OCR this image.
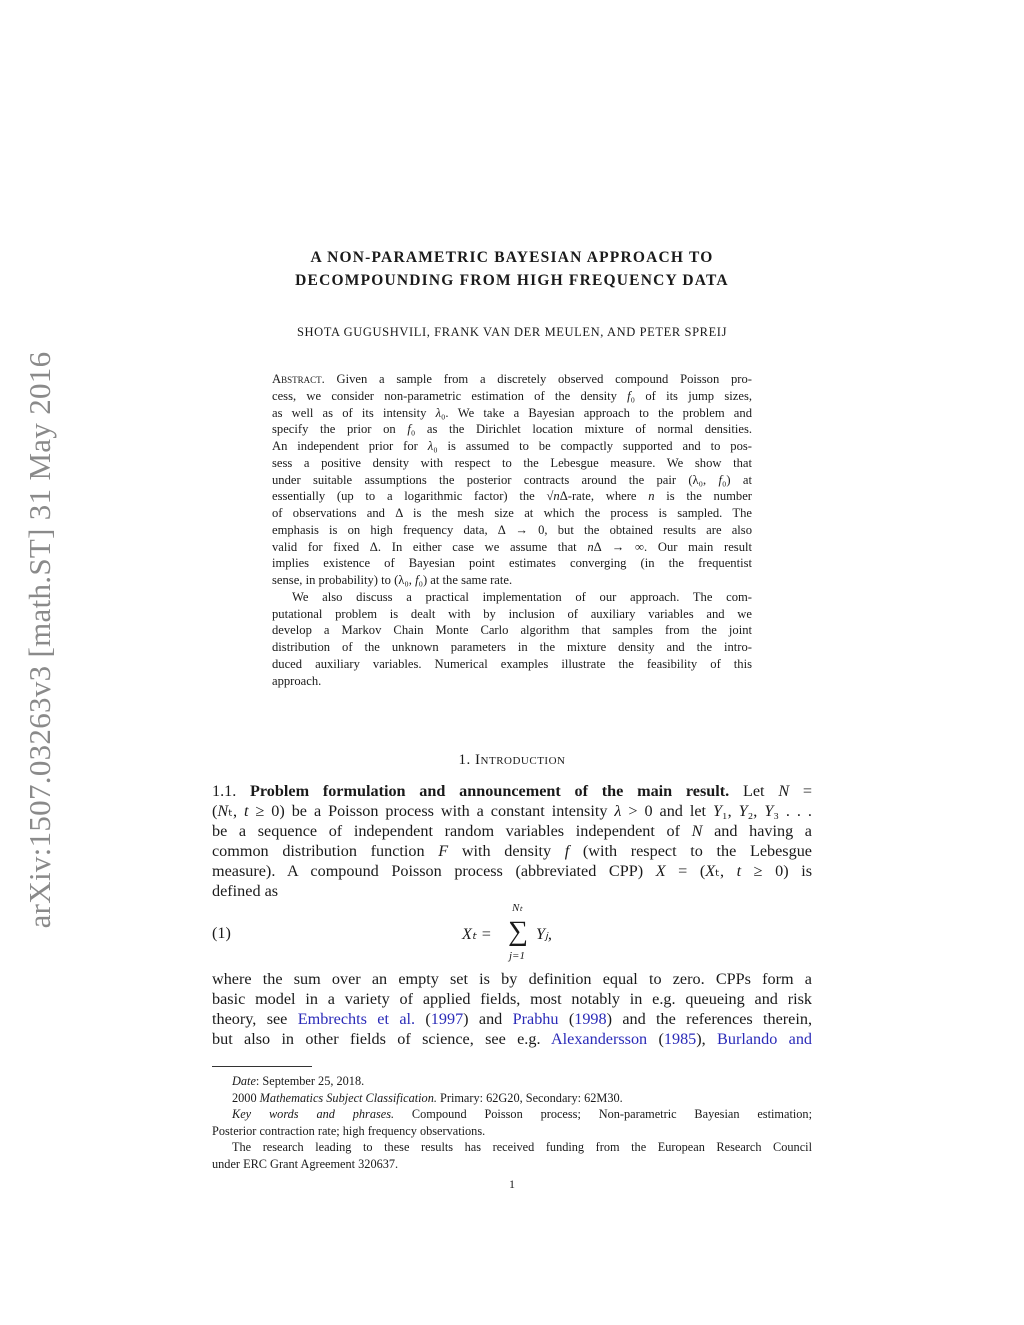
arXiv:1507.03263v3 [math.ST] 31 May 2016
A NON-PARAMETRIC BAYESIAN APPROACH TO
DECOMPOUNDING FROM HIGH FREQUENCY DATA
SHOTA GUGUSHVILI, FRANK VAN DER MEULEN, AND PETER SPREIJ
Abstract. Given a sample from a discretely observed compound Poisson pro-
cess, we consider non-parametric estimation of the density f₀ of its jump sizes,
as well as of its intensity λ₀. We take a Bayesian approach to the problem and
specify the prior on f₀ as the Dirichlet location mixture of normal densities.
An independent prior for λ₀ is assumed to be compactly supported and to pos-
sess a positive density with respect to the Lebesgue measure. We show that
under suitable assumptions the posterior contracts around the pair (λ₀, f₀) at
essentially (up to a logarithmic factor) the √nΔ-rate, where n is the number
of observations and Δ is the mesh size at which the process is sampled. The
emphasis is on high frequency data, Δ → 0, but the obtained results are also
valid for fixed Δ. In either case we assume that nΔ → ∞. Our main result
implies existence of Bayesian point estimates converging (in the frequentist
sense, in probability) to (λ₀, f₀) at the same rate.
We also discuss a practical implementation of our approach. The com-
putational problem is dealt with by inclusion of auxiliary variables and we
develop a Markov Chain Monte Carlo algorithm that samples from the joint
distribution of the unknown parameters in the mixture density and the intro-
duced auxiliary variables. Numerical examples illustrate the feasibility of this
approach.
1. Introduction
1.1. Problem formulation and announcement of the main result. Let N =
(Nₜ, t ≥ 0) be a Poisson process with a constant intensity λ > 0 and let Y₁, Y₂, Y₃ . . .
be a sequence of independent random variables independent of N and having a
common distribution function F with density f (with respect to the Lebesgue
measure). A compound Poisson process (abbreviated CPP) X = (Xₜ, t ≥ 0) is
defined as
(1)	Xₜ =
Nₜ
∑
j=1
Yⱼ,
where the sum over an empty set is by definition equal to zero. CPPs form a
basic model in a variety of applied fields, most notably in e.g. queueing and risk
theory, see Embrechts et al. (1997) and Prabhu (1998) and the references therein,
but also in other fields of science, see e.g. Alexandersson (1985), Burlando and
Date: September 25, 2018.
2000 Mathematics Subject Classification. Primary: 62G20, Secondary: 62M30.
Key words and phrases. Compound Poisson process; Non-parametric Bayesian estimation;
Posterior contraction rate; high frequency observations.
The research leading to these results has received funding from the European Research Council
under ERC Grant Agreement 320637.
1
